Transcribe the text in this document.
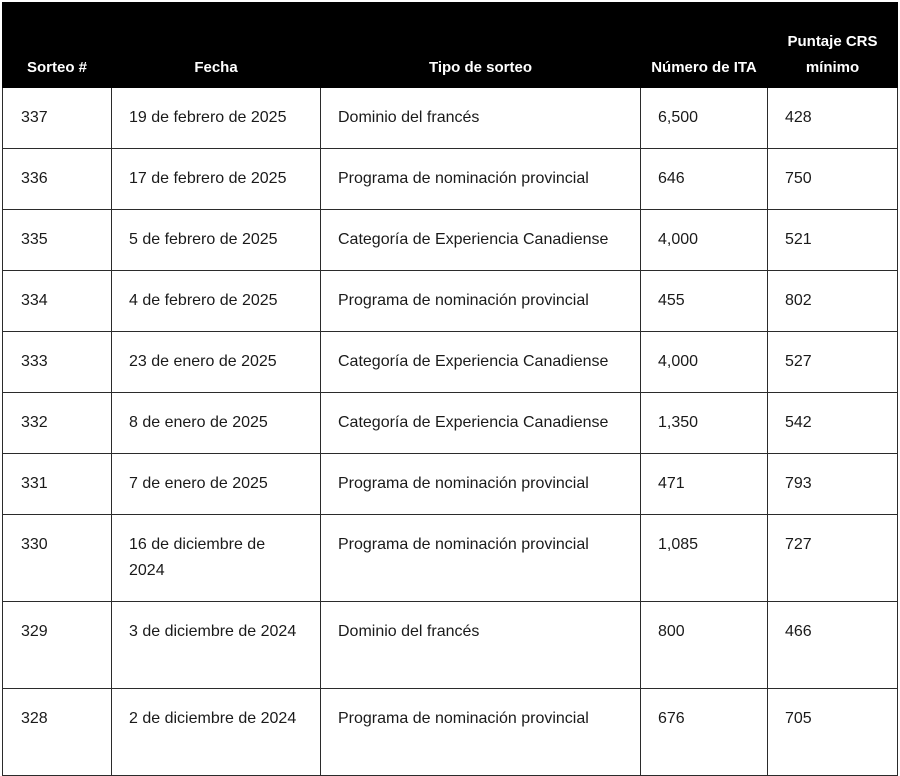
Sorteo #	Fecha	Tipo de sorteo	Número de ITA	Puntaje CRS mínimo
337	19 de febrero de 2025	Dominio del francés	6,500	428
336	17 de febrero de 2025	Programa de nominación provincial	646	750
335	5 de febrero de 2025	Categoría de Experiencia Canadiense	4,000	521
334	4 de febrero de 2025	Programa de nominación provincial	455	802
333	23 de enero de 2025	Categoría de Experiencia Canadiense	4,000	527
332	8 de enero de 2025	Categoría de Experiencia Canadiense	1,350	542
331	7 de enero de 2025	Programa de nominación provincial	471	793
330	16 de diciembre de 2024	Programa de nominación provincial	1,085	727
329	3 de diciembre de 2024	Dominio del francés	800	466
328	2 de diciembre de 2024	Programa de nominación provincial	676	705
